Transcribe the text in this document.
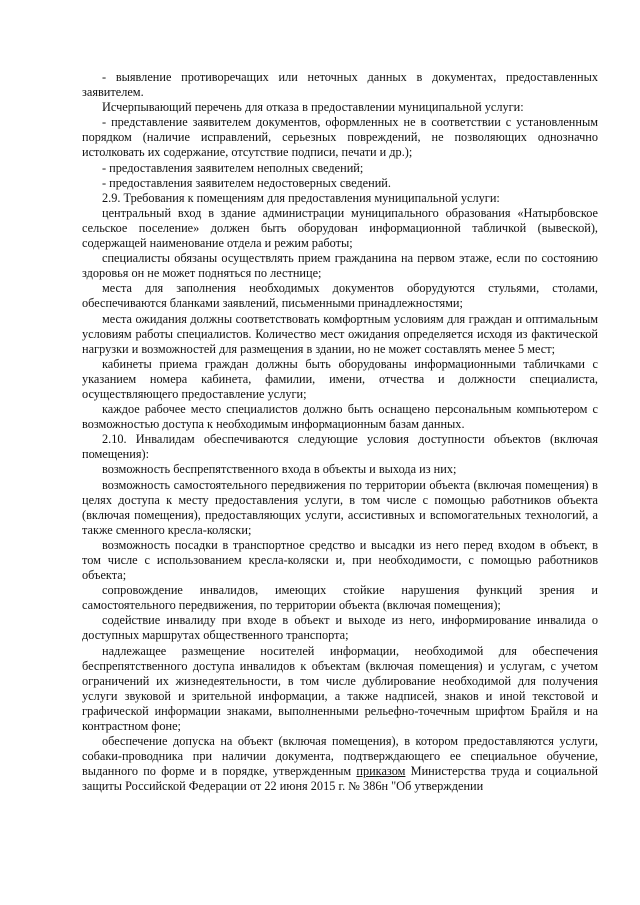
- выявление противоречащих или неточных данных в документах, предоставленных заявителем.

Исчерпывающий перечень для отказа в предоставлении муниципальной услуги:

- представление заявителем документов, оформленных не в соответствии с установленным порядком (наличие исправлений, серьезных повреждений, не позволяющих однозначно истолковать их содержание, отсутствие подписи, печати и др.);

- предоставления заявителем неполных сведений;

- предоставления заявителем недостоверных сведений.

2.9. Требования к помещениям для предоставления муниципальной услуги:

центральный вход в здание администрации муниципального образования «Натырбовское сельское поселение» должен быть оборудован информационной табличкой (вывеской), содержащей наименование отдела и режим работы;

специалисты обязаны осуществлять прием гражданина на первом этаже, если по состоянию здоровья он не может подняться по лестнице;

места для заполнения необходимых документов оборудуются стульями, столами, обеспечиваются бланками заявлений, письменными принадлежностями;

места ожидания должны соответствовать комфортным условиям для граждан и оптимальным условиям работы специалистов. Количество мест ожидания определяется исходя из фактической нагрузки и возможностей для размещения в здании, но не может составлять менее 5 мест;

кабинеты приема граждан должны быть оборудованы информационными табличками с указанием номера кабинета, фамилии, имени, отчества и должности специалиста, осуществляющего предоставление услуги;

каждое рабочее место специалистов должно быть оснащено персональным компьютером с возможностью доступа к необходимым информационным базам данных.

2.10. Инвалидам обеспечиваются следующие условия доступности объектов (включая помещения):

возможность беспрепятственного входа в объекты и выхода из них;

возможность самостоятельного передвижения по территории объекта (включая помещения) в целях доступа к месту предоставления услуги, в том числе с помощью работников объекта (включая помещения), предоставляющих услуги, ассистивных и вспомогательных технологий, а также сменного кресла-коляски;

возможность посадки в транспортное средство и высадки из него перед входом в объект, в том числе с использованием кресла-коляски и, при необходимости, с помощью работников объекта;

сопровождение инвалидов, имеющих стойкие нарушения функций зрения и самостоятельного передвижения, по территории объекта (включая помещения);

содействие инвалиду при входе в объект и выходе из него, информирование инвалида о доступных маршрутах общественного транспорта;

надлежащее размещение носителей информации, необходимой для обеспечения беспрепятственного доступа инвалидов к объектам (включая помещения) и услугам, с учетом ограничений их жизнедеятельности, в том числе дублирование необходимой для получения услуги звуковой и зрительной информации, а также надписей, знаков и иной текстовой и графической информации знаками, выполненными рельефно-точечным шрифтом Брайля и на контрастном фоне;

обеспечение допуска на объект (включая помещения), в котором предоставляются услуги, собаки-проводника при наличии документа, подтверждающего ее специальное обучение, выданного по форме и в порядке, утвержденным приказом Министерства труда и социальной защиты Российской Федерации от 22 июня 2015 г. № 386н "Об утверждении
